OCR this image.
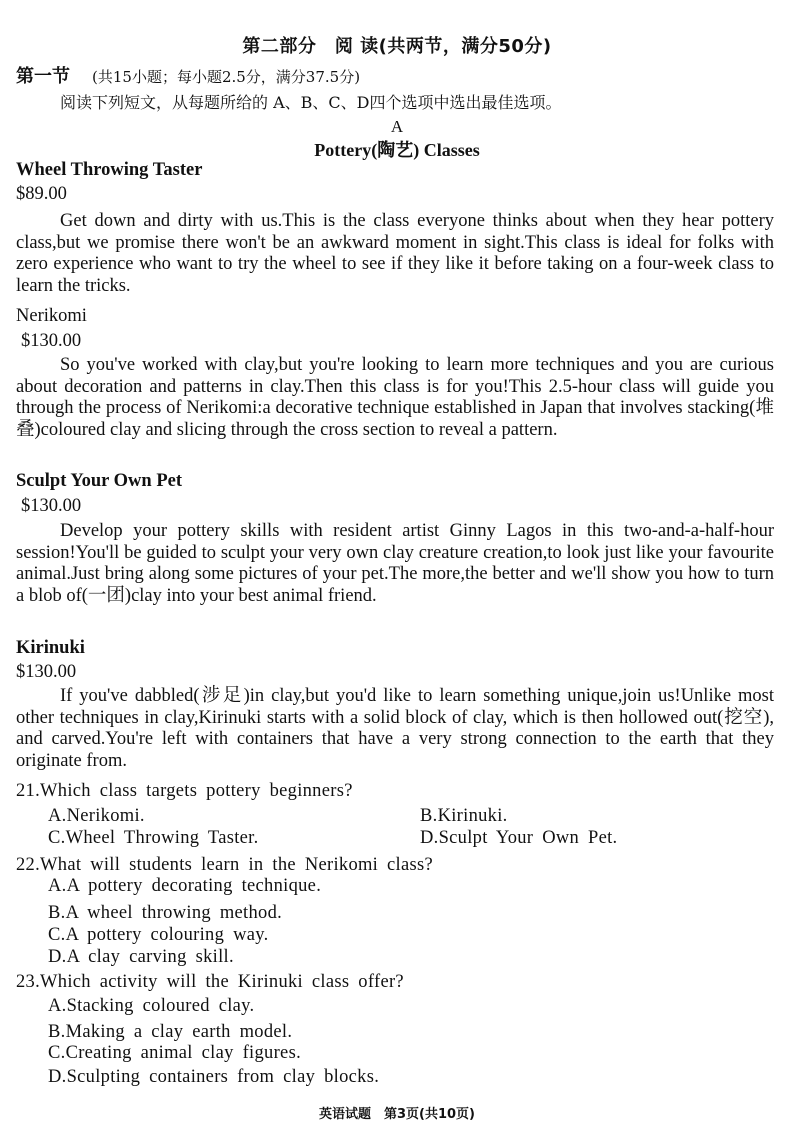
第二部分　阅 读(共两节，满分50分)
第一节 (共15小题；每小题2.5分，满分37.5分)
阅读下列短文，从每题所给的 A、B、C、D四个选项中选出最佳选项。
A
Pottery(陶艺) Classes
Wheel Throwing Taster
$89.00

Get down and dirty with us.This is the class everyone thinks about when they hear pottery class,but we promise there won't be an awkward moment in sight.This class is ideal for folks with zero experience who want to try the wheel to see if they like it before taking on a four-week class to learn the tricks.

Nerikomi
$130.00

So you've worked with clay,but you're looking to learn more techniques and you are curious about decoration and patterns in clay.Then this class is for you!This 2.5-hour class will guide you through the process of Nerikomi:a decorative technique established in Japan that involves stacking(堆叠)coloured clay and slicing through the cross section to reveal a pattern.

Sculpt Your Own Pet
$130.00

Develop your pottery skills with resident artist Ginny Lagos in this two-and-a-half-hour session!You'll be guided to sculpt your very own clay creature creation,to look just like your favourite animal.Just bring along some pictures of your pet.The more,the better and we'll show you how to turn a blob of(一团)clay into your best animal friend.

Kirinuki
$130.00

If you've dabbled(涉足)in clay,but you'd like to learn something unique,join us!Unlike most other techniques in clay,Kirinuki starts with a solid block of clay, which is then hollowed out(挖空), and carved.You're left with containers that have a very strong connection to the earth that they originate from.

21.Which class targets pottery beginners?
A.Nerikomi.	B.Kirinuki.
C.Wheel Throwing Taster.	D.Sculpt Your Own Pet.
22.What will students learn in the Nerikomi class?
A.A pottery decorating technique.
B.A wheel throwing method.
C.A pottery colouring way.
D.A clay carving skill.
23.Which activity will the Kirinuki class offer?
A.Stacking coloured clay.
B.Making a clay earth model.
C.Creating animal clay figures.
D.Sculpting containers from clay blocks.
英语试题　第3页(共10页)
